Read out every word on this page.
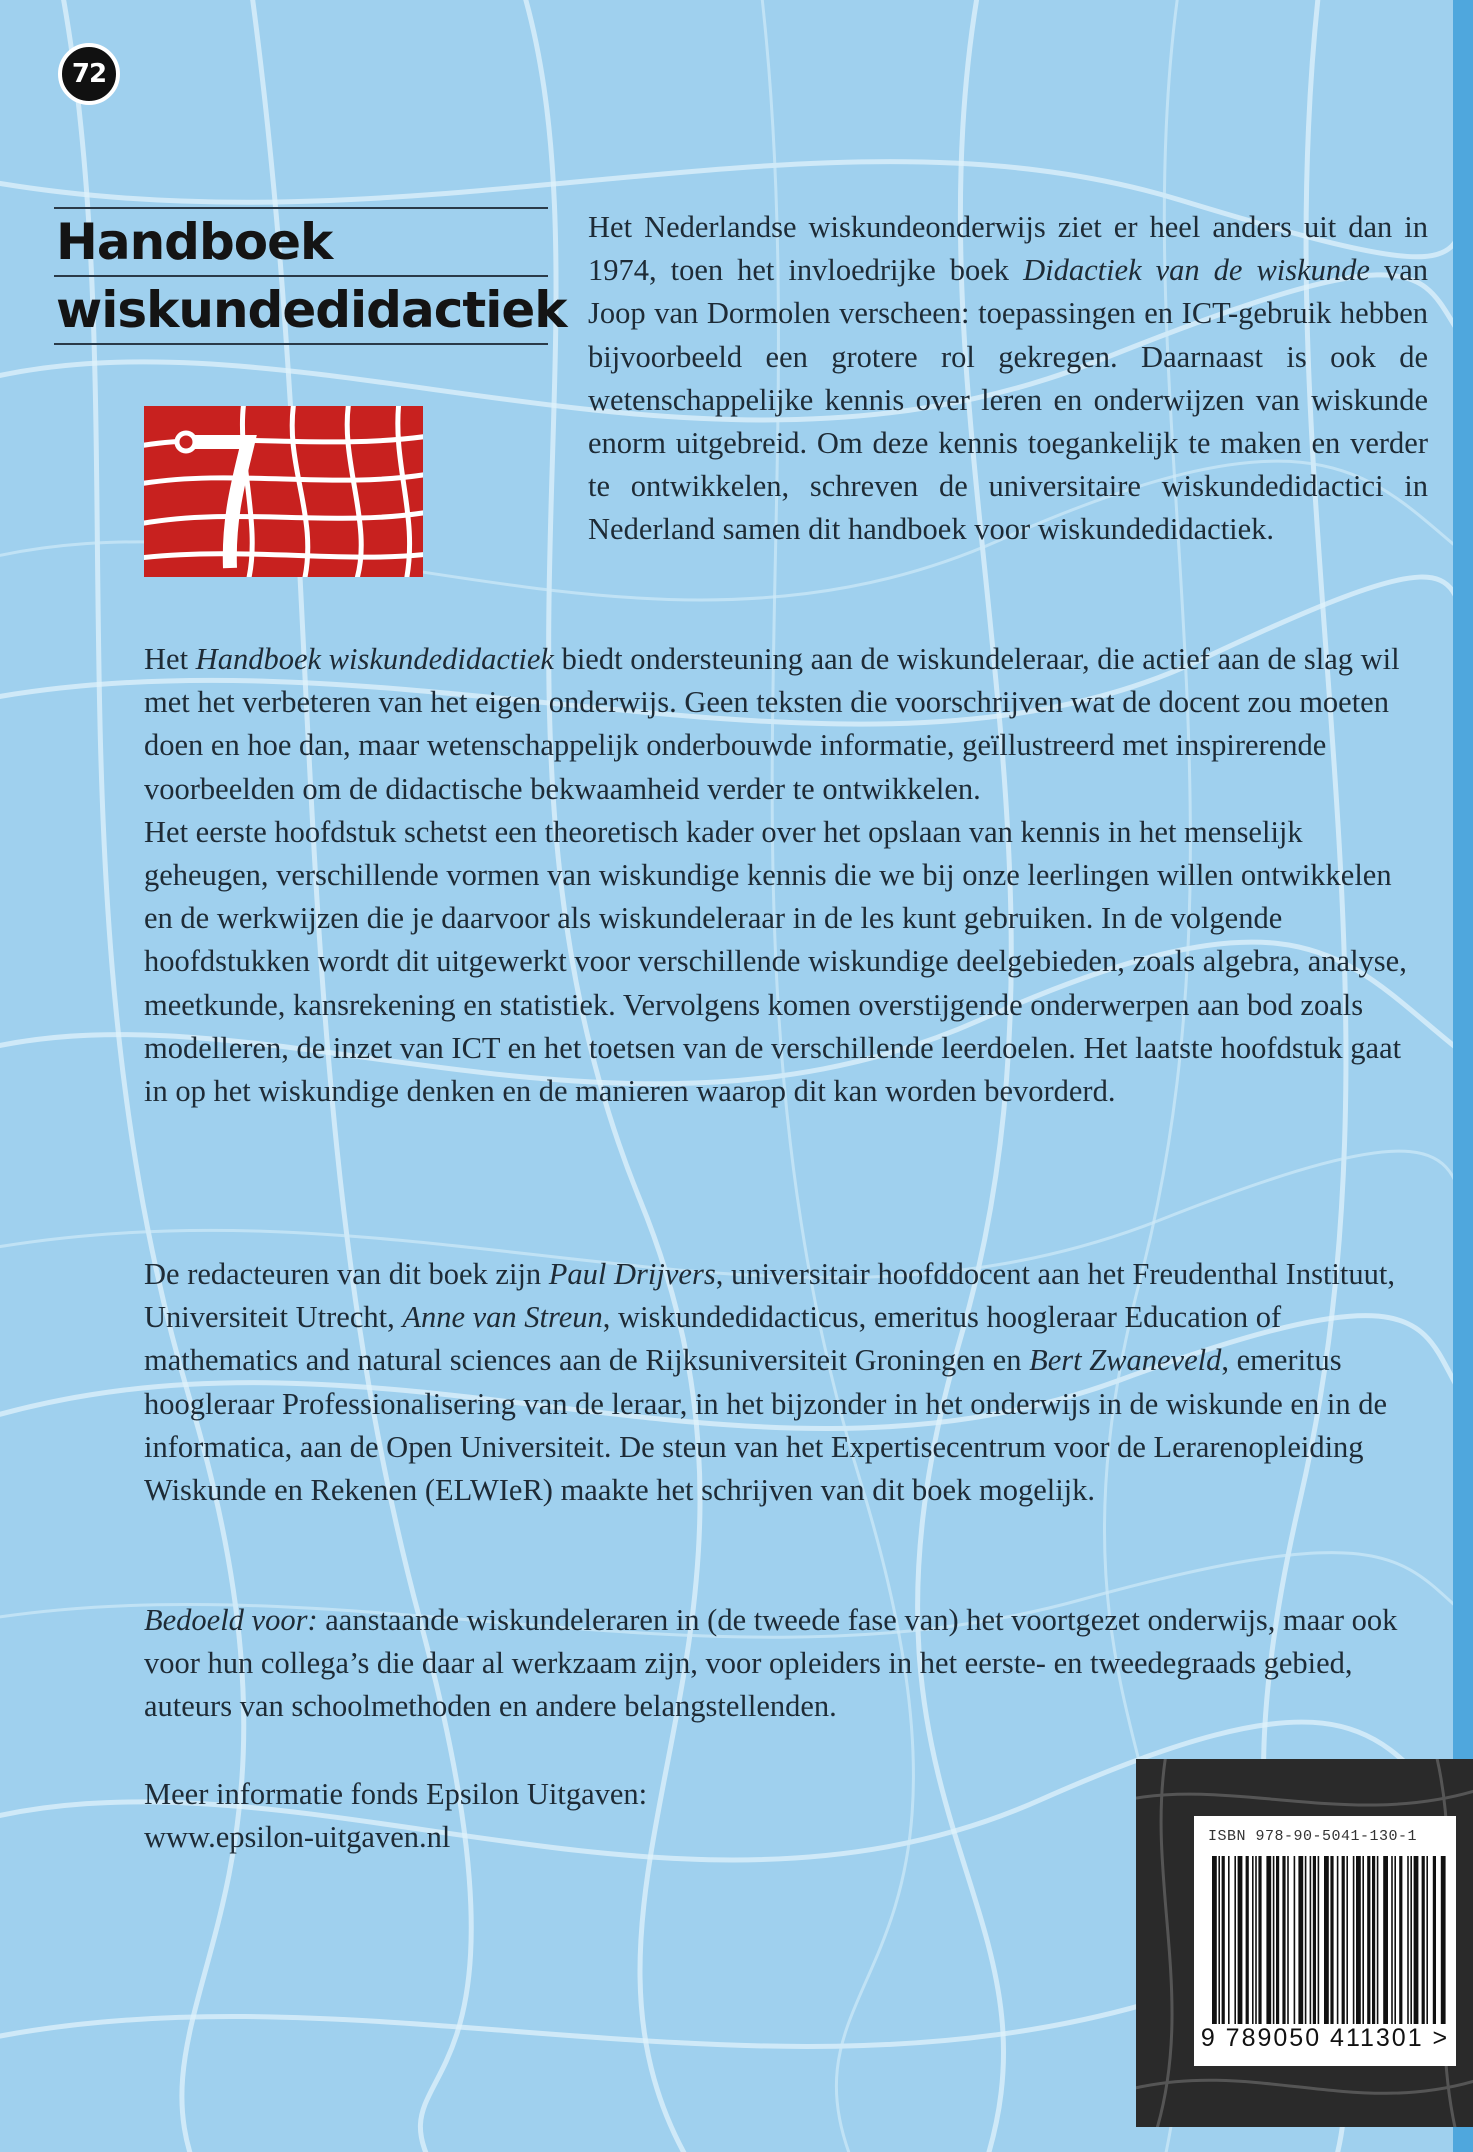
72
Handboek
wiskundedidactiek
Het Nederlandse wiskundeonderwijs ziet er heel anders uit dan in 1974, toen het invloedrijke boek Didactiek van de wiskunde van Joop van Dormolen verscheen: toepassingen en ICT-gebruik hebben bijvoorbeeld een grotere rol gekregen. Daarnaast is ook de wetenschappelijke kennis over leren en onderwijzen van wiskunde enorm uitgebreid. Om deze kennis toegankelijk te maken en verder te ontwikkelen, schreven de universitaire wiskundedidactici in Nederland samen dit handboek voor wiskundedidactiek.

Het Handboek wiskundedidactiek biedt ondersteuning aan de wiskundeleraar, die actief aan de slag wil met het verbeteren van het eigen onderwijs. Geen teksten die voorschrijven wat de docent zou moeten doen en hoe dan, maar wetenschappelijk onderbouwde informatie, geïllustreerd met inspirerende voorbeelden om de didactische bekwaamheid verder te ontwikkelen.

Het eerste hoofdstuk schetst een theoretisch kader over het opslaan van kennis in het menselijk geheugen, verschillende vormen van wiskundige kennis die we bij onze leerlingen willen ontwikkelen en de werkwijzen die je daarvoor als wiskundeleraar in de les kunt gebruiken. In de volgende hoofdstukken wordt dit uitgewerkt voor verschillende wiskundige deelgebieden, zoals algebra, analyse, meetkunde, kansrekening en statistiek. Vervolgens komen overstijgende onderwerpen aan bod zoals modelleren, de inzet van ICT en het toetsen van de verschillende leerdoelen. Het laatste hoofdstuk gaat in op het wiskundige denken en de manieren waarop dit kan worden bevorderd.

De redacteuren van dit boek zijn Paul Drijvers, universitair hoofddocent aan het Freudenthal Instituut, Universiteit Utrecht, Anne van Streun, wiskundedidacticus, emeritus hoogleraar Education of mathematics and natural sciences aan de Rijksuniversiteit Groningen en Bert Zwaneveld, emeritus hoogleraar Professionalisering van de leraar, in het bijzonder in het onderwijs in de wiskunde en in de informatica, aan de Open Universiteit. De steun van het Expertisecentrum voor de Lerarenopleiding Wiskunde en Rekenen (ELWIeR) maakte het schrijven van dit boek mogelijk.
Bedoeld voor: aanstaande wiskundeleraren in (de tweede fase van) het voortgezet onderwijs, maar ook voor hun collega’s die daar al werkzaam zijn, voor opleiders in het eerste- en tweedegraads gebied, auteurs van schoolmethoden en andere belangstellenden.

Meer informatie fonds Epsilon Uitgaven:

www.epsilon-uitgaven.nl	ISBN 978-90-5041-130-1
9 789050 411301 >
